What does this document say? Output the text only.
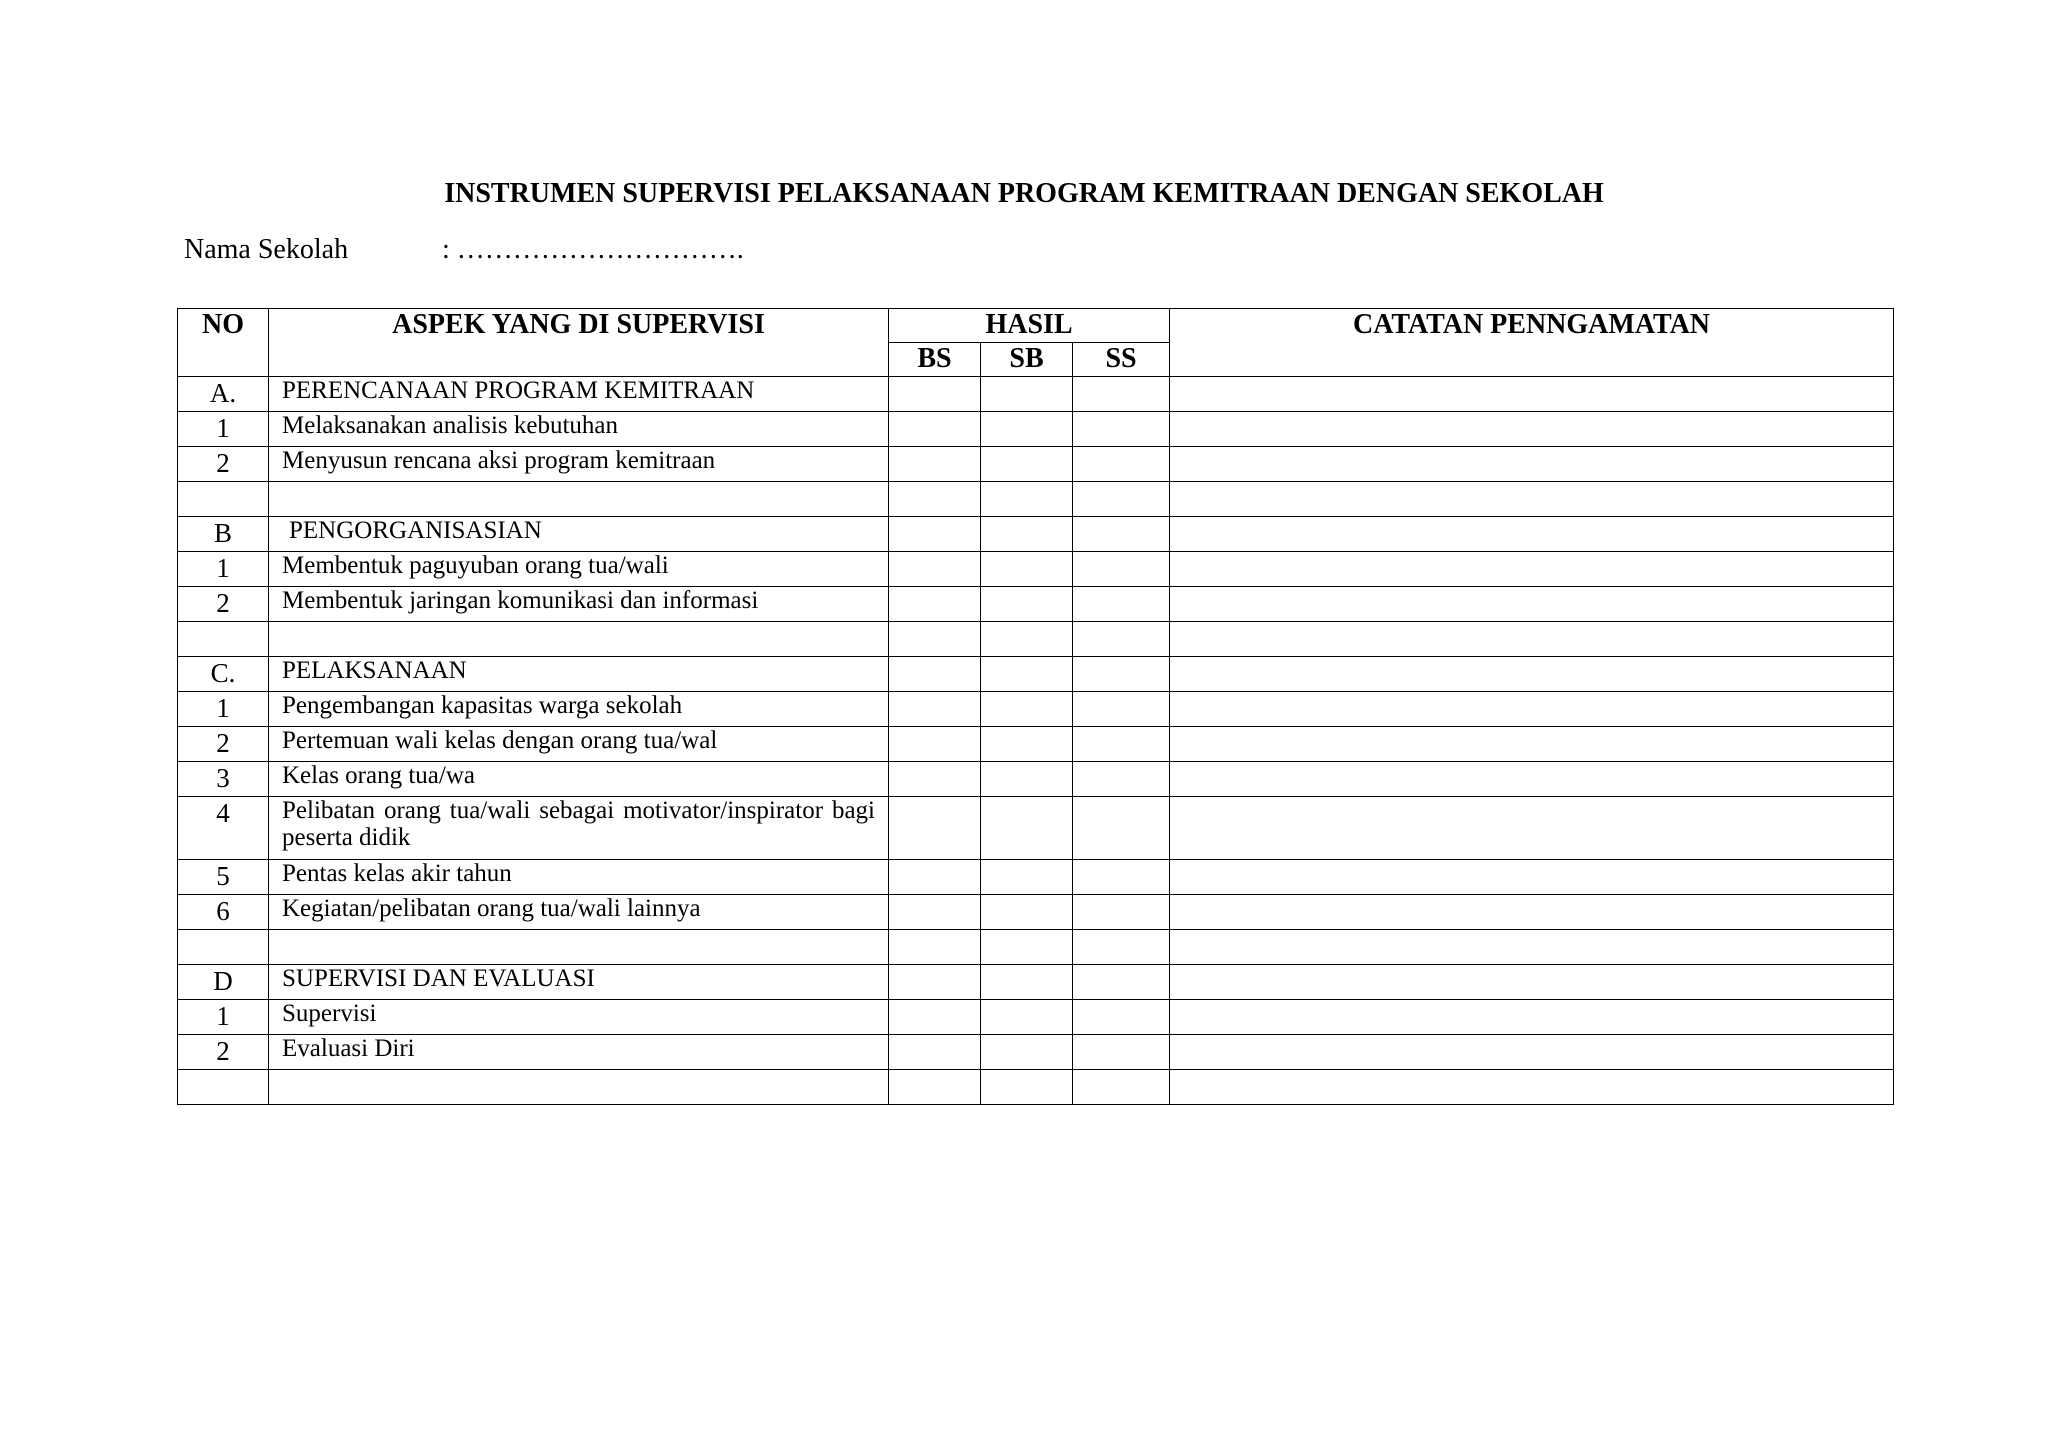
INSTRUMEN SUPERVISI PELAKSANAAN PROGRAM KEMITRAAN DENGAN SEKOLAH
Nama Sekolah	: ………………………….
NO	ASPEK YANG DI SUPERVISI	HASIL			CATATAN PENNGAMATAN
		BS	SB	SS	
A.	PERENCANAAN PROGRAM KEMITRAAN				
1	Melaksanakan analisis kebutuhan				
2	Menyusun rencana aksi program kemitraan				

B	PENGORGANISASIAN				
1	Membentuk paguyuban orang tua/wali				
2	Membentuk jaringan komunikasi dan informasi				

C.	PELAKSANAAN				
1	Pengembangan kapasitas warga sekolah				
2	Pertemuan wali kelas dengan orang tua/wal				
3	Kelas orang tua/wa				
4	Pelibatan orang tua/wali sebagai motivator/inspirator bagi peserta didik				
5	Pentas kelas akir tahun				
6	Kegiatan/pelibatan orang tua/wali lainnya				

D	SUPERVISI DAN EVALUASI				
1	Supervisi				
2	Evaluasi Diri				
